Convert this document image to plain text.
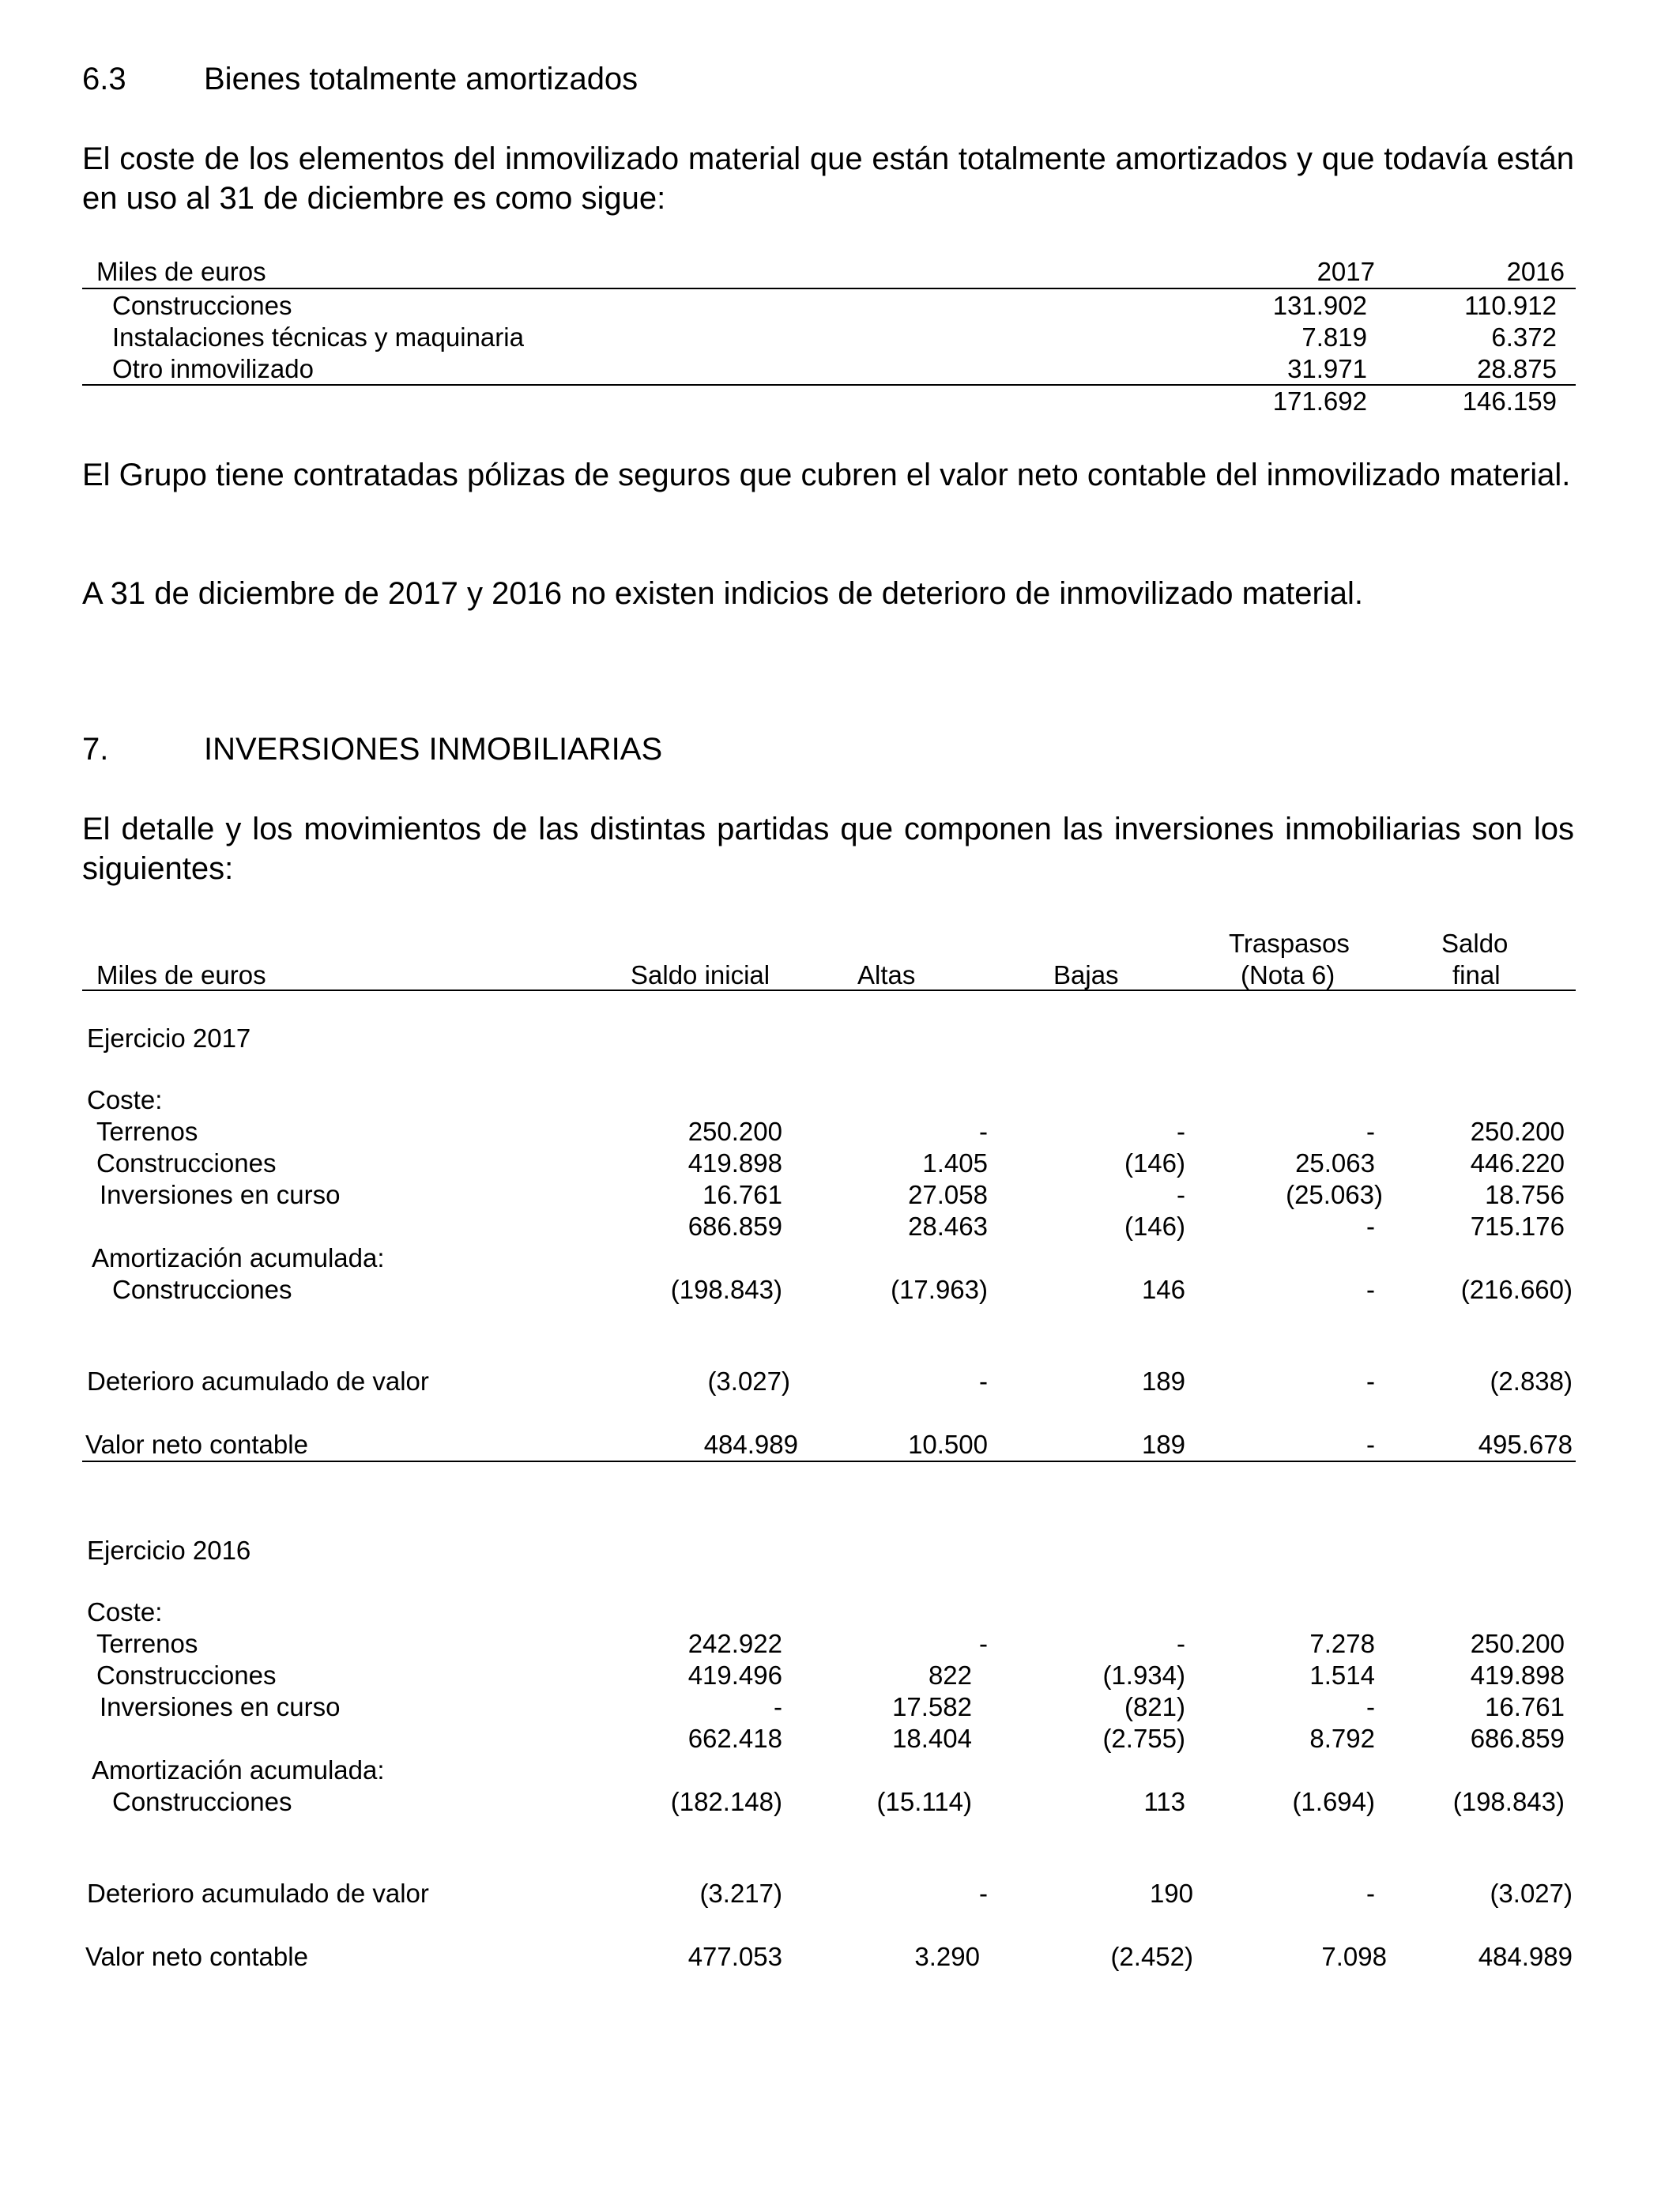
6.3 Bienes totalmente amortizados
El coste de los elementos del inmovilizado material que están totalmente amortizados y que todavía están en uso al 31 de diciembre es como sigue:
Miles de euros	2017	2016
Construcciones	131.902	110.912
Instalaciones técnicas y maquinaria	7.819	6.372
Otro inmovilizado	31.971	28.875
171.692	146.159
El Grupo tiene contratadas pólizas de seguros que cubren el valor neto contable del inmovilizado material.
A 31 de diciembre de 2017 y 2016 no existen indicios de deterioro de inmovilizado material.
7.	INVERSIONES INMOBILIARIAS
El detalle y los movimientos de las distintas partidas que componen las inversiones inmobiliarias son los siguientes:
Traspasos	Saldo
Miles de euros	Saldo inicial	Altas	Bajas	(Nota 6)	final
Ejercicio 2017
Coste:
Terrenos	250.200	-	-	-	250.200
Construcciones	419.898	1.405	(146)	25.063	446.220
Inversiones en curso	16.761	27.058	-	(25.063)	18.756
686.859	28.463	(146)	-	715.176
Amortización acumulada:
Construcciones	(198.843)	(17.963)	146	-	(216.660)
Deterioro acumulado de valor	(3.027)	-	189	-	(2.838)
Valor neto contable	484.989	10.500	189	-	495.678
Ejercicio 2016
Coste:
Terrenos	242.922	-	-	7.278	250.200
Construcciones	419.496	822	(1.934)	1.514	419.898
Inversiones en curso	-	17.582	(821)	-	16.761
662.418	18.404	(2.755)	8.792	686.859
Amortización acumulada:
Construcciones	(182.148)	(15.114)	113	(1.694)	(198.843)
Deterioro acumulado de valor	(3.217)	-	190	-	(3.027)
Valor neto contable	477.053	3.290	(2.452)	7.098	484.989
